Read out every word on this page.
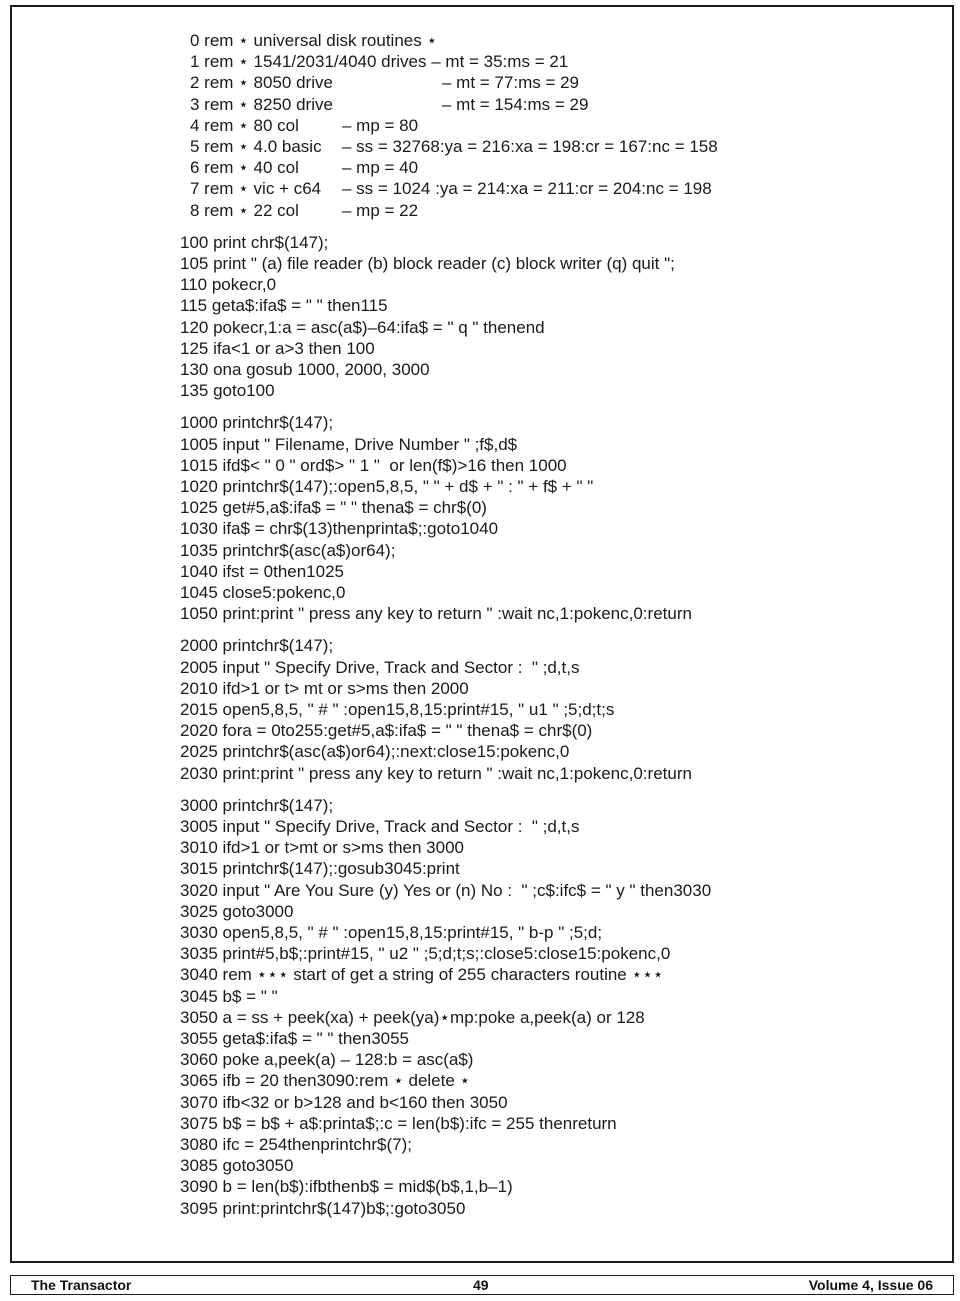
0 rem ⋆ universal disk routines ⋆
1 rem ⋆ 1541/2031/4040 drives – mt = 35:ms = 21
2 rem ⋆ 8050 drive	– mt = 77:ms = 29
3 rem ⋆ 8250 drive	– mt = 154:ms = 29
4 rem ⋆ 80 col	– mp = 80
5 rem ⋆ 4.0 basic – ss = 32768:ya = 216:xa = 198:cr = 167:nc = 158
6 rem ⋆ 40 col	– mp = 40
7 rem ⋆ vic + c64 – ss = 1024 :ya = 214:xa = 211:cr = 204:nc = 198
8 rem ⋆ 22 col	– mp = 22
100 print chr$(147);
105 print " (a) file reader (b) block reader (c) block writer (q) quit ";
110 pokecr,0
115 geta$:ifa$ = " " then115
120 pokecr,1:a = asc(a$)–64:ifa$ = " q " thenend
125 ifa<1 or a>3 then 100
130 ona gosub 1000, 2000, 3000
135 goto100
1000 printchr$(147);
1005 input " Filename, Drive Number " ;f$,d$
1015 ifd$< " 0 " ord$> " 1 "  or len(f$)>16 then 1000
1020 printchr$(147);:open5,8,5, " " + d$ + " : " + f$ + " "
1025 get#5,a$:ifa$ = " " thena$ = chr$(0)
1030 ifa$ = chr$(13)thenprinta$;:goto1040
1035 printchr$(asc(a$)or64);
1040 ifst = 0then1025
1045 close5:pokenc,0
1050 print:print " press any key to return " :wait nc,1:pokenc,0:return
2000 printchr$(147);
2005 input " Specify Drive, Track and Sector :  " ;d,t,s
2010 ifd>1 or t> mt or s>ms then 2000
2015 open5,8,5, " # " :open15,8,15:print#15, " u1 " ;5;d;t;s
2020 fora = 0to255:get#5,a$:ifa$ = " " thena$ = chr$(0)
2025 printchr$(asc(a$)or64);:next:close15:pokenc,0
2030 print:print " press any key to return " :wait nc,1:pokenc,0:return
3000 printchr$(147);
3005 input " Specify Drive, Track and Sector :  " ;d,t,s
3010 ifd>1 or t>mt or s>ms then 3000
3015 printchr$(147);:gosub3045:print
3020 input " Are You Sure (y) Yes or (n) No :  " ;c$:ifc$ = " y " then3030
3025 goto3000
3030 open5,8,5, " # " :open15,8,15:print#15, " b-p " ;5;d;
3035 print#5,b$;:print#15, " u2 " ;5;d;t;s;:close5:close15:pokenc,0
3040 rem ⋆⋆⋆ start of get a string of 255 characters routine ⋆⋆⋆
3045 b$ = " "
3050 a = ss + peek(xa) + peek(ya)⋆mp:poke a,peek(a) or 128
3055 geta$:ifa$ = " " then3055
3060 poke a,peek(a) – 128:b = asc(a$)
3065 ifb = 20 then3090:rem ⋆ delete ⋆
3070 ifb<32 or b>128 and b<160 then 3050
3075 b$ = b$ + a$:printa$;:c = len(b$):ifc = 255 thenreturn
3080 ifc = 254thenprintchr$(7);
3085 goto3050
3090 b = len(b$):ifbthenb$ = mid$(b$,1,b–1)
3095 print:printchr$(147)b$;:goto3050
The Transactor	49	Volume 4, Issue 06
